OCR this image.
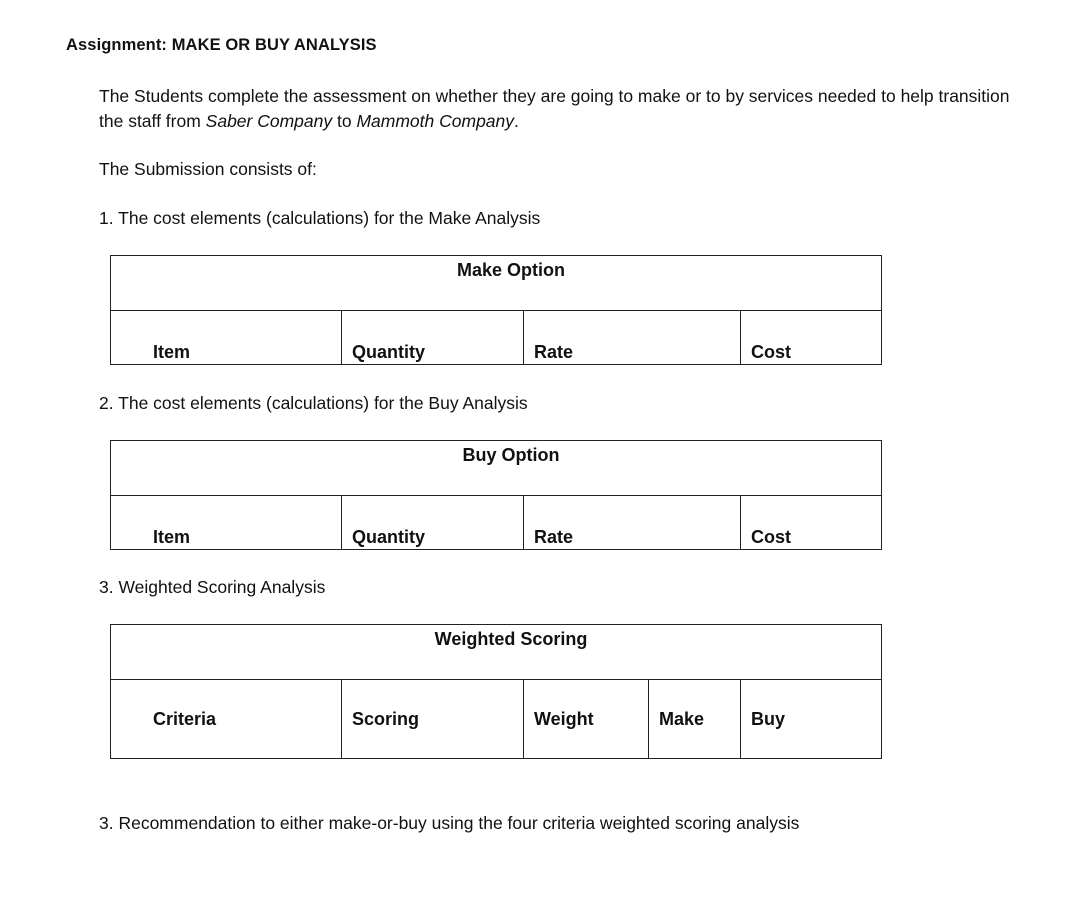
Assignment: MAKE OR BUY ANALYSIS

The Students complete the assessment on whether they are going to make or to by services needed to help transition the staff from Saber Company to Mammoth Company.

The Submission consists of:

1. The cost elements (calculations) for the Make Analysis

Make Option
Item	Quantity	Rate	Cost

2. The cost elements (calculations) for the Buy Analysis

Buy Option
Item	Quantity	Rate	Cost

3. Weighted Scoring Analysis

Weighted Scoring
Criteria	Scoring	Weight	Make	Buy

3. Recommendation to either make-or-buy using the four criteria weighted scoring analysis
